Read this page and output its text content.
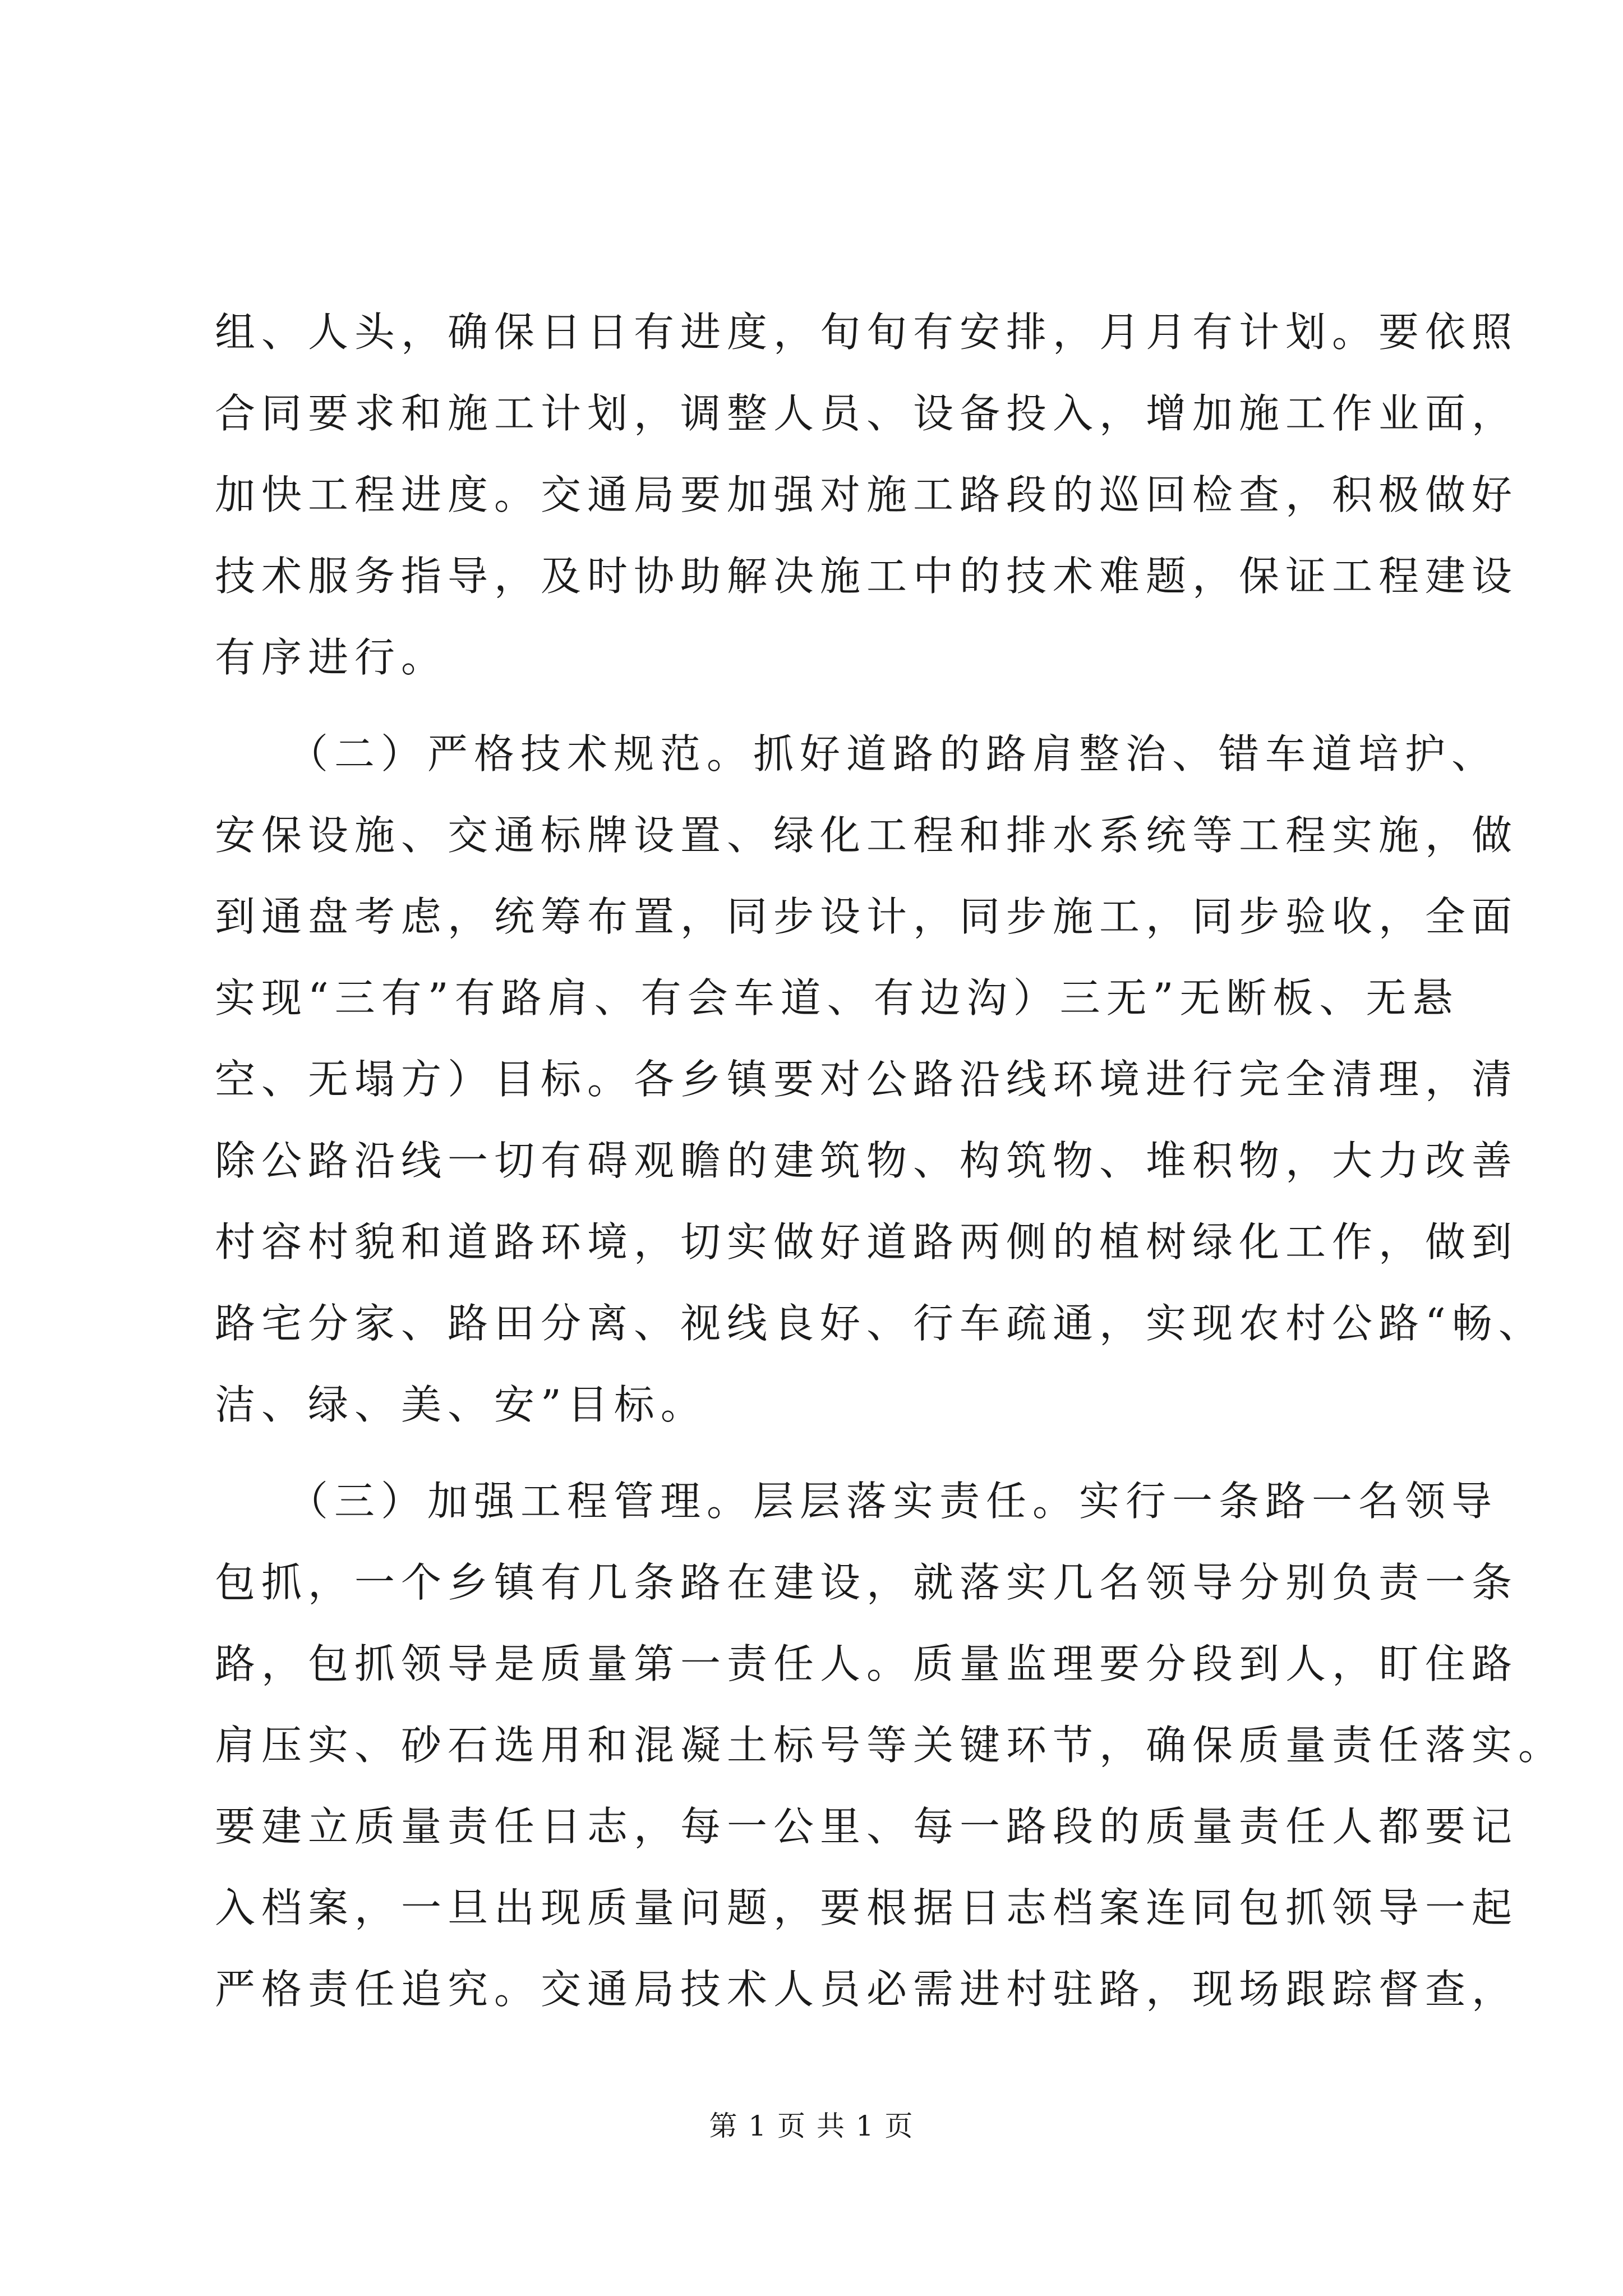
组、人头，确保日日有进度，旬旬有安排，月月有计划。要依照
合同要求和施工计划，调整人员、设备投入，增加施工作业面，
加快工程进度。交通局要加强对施工路段的巡回检查，积极做好
技术服务指导，及时协助解决施工中的技术难题，保证工程建设
有序进行。
　　（二）严格技术规范。抓好道路的路肩整治、错车道培护、
安保设施、交通标牌设置、绿化工程和排水系统等工程实施，做
到通盘考虑，统筹布置，同步设计，同步施工，同步验收，全面
实现“三有”有路肩、有会车道、有边沟）三无”无断板、无悬
空、无塌方）目标。各乡镇要对公路沿线环境进行完全清理，清
除公路沿线一切有碍观瞻的建筑物、构筑物、堆积物，大力改善
村容村貌和道路环境，切实做好道路两侧的植树绿化工作，做到
路宅分家、路田分离、视线良好、行车疏通，实现农村公路“畅、
洁、绿、美、安”目标。
　　（三）加强工程管理。层层落实责任。实行一条路一名领导
包抓，一个乡镇有几条路在建设，就落实几名领导分别负责一条
路，包抓领导是质量第一责任人。质量监理要分段到人，盯住路
肩压实、砂石选用和混凝土标号等关键环节，确保质量责任落实。
要建立质量责任日志，每一公里、每一路段的质量责任人都要记
入档案，一旦出现质量问题，要根据日志档案连同包抓领导一起
严格责任追究。交通局技术人员必需进村驻路，现场跟踪督查，
第 1 页 共 1 页
